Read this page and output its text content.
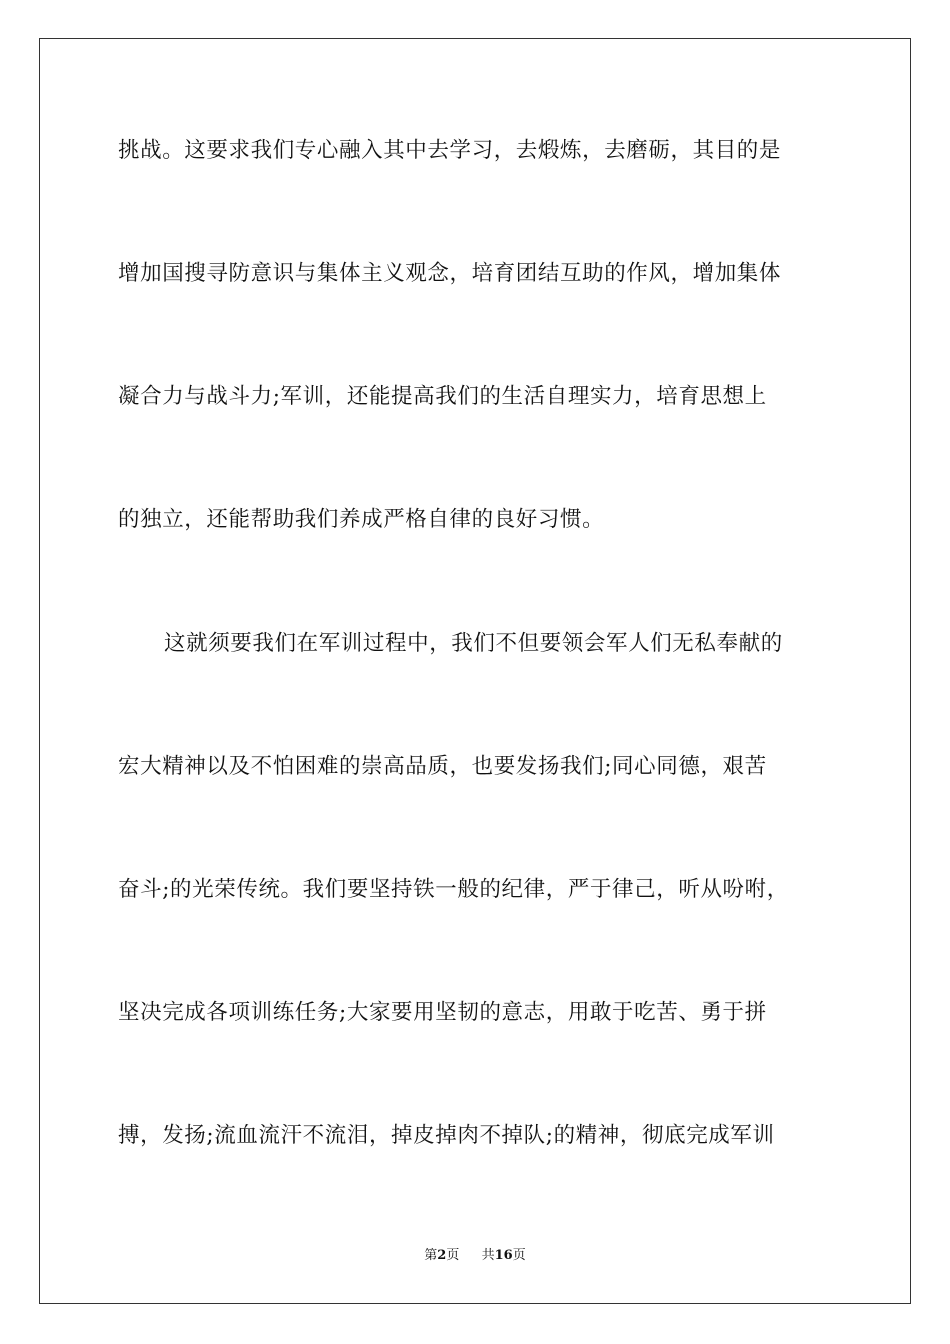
挑战。这要求我们专心融入其中去学习，去煅炼，去磨砺，其目的是
增加国搜寻防意识与集体主义观念，培育团结互助的作风，增加集体
凝合力与战斗力;军训，还能提高我们的生活自理实力，培育思想上
的独立，还能帮助我们养成严格自律的良好习惯。
这就须要我们在军训过程中，我们不但要领会军人们无私奉献的
宏大精神以及不怕困难的崇高品质，也要发扬我们;同心同德，艰苦
奋斗;的光荣传统。我们要坚持铁一般的纪律，严于律己，听从吩咐，
坚决完成各项训练任务;大家要用坚韧的意志，用敢于吃苦、勇于拼
搏，发扬;流血流汗不流泪，掉皮掉肉不掉队;的精神，彻底完成军训
第2页 共16页
